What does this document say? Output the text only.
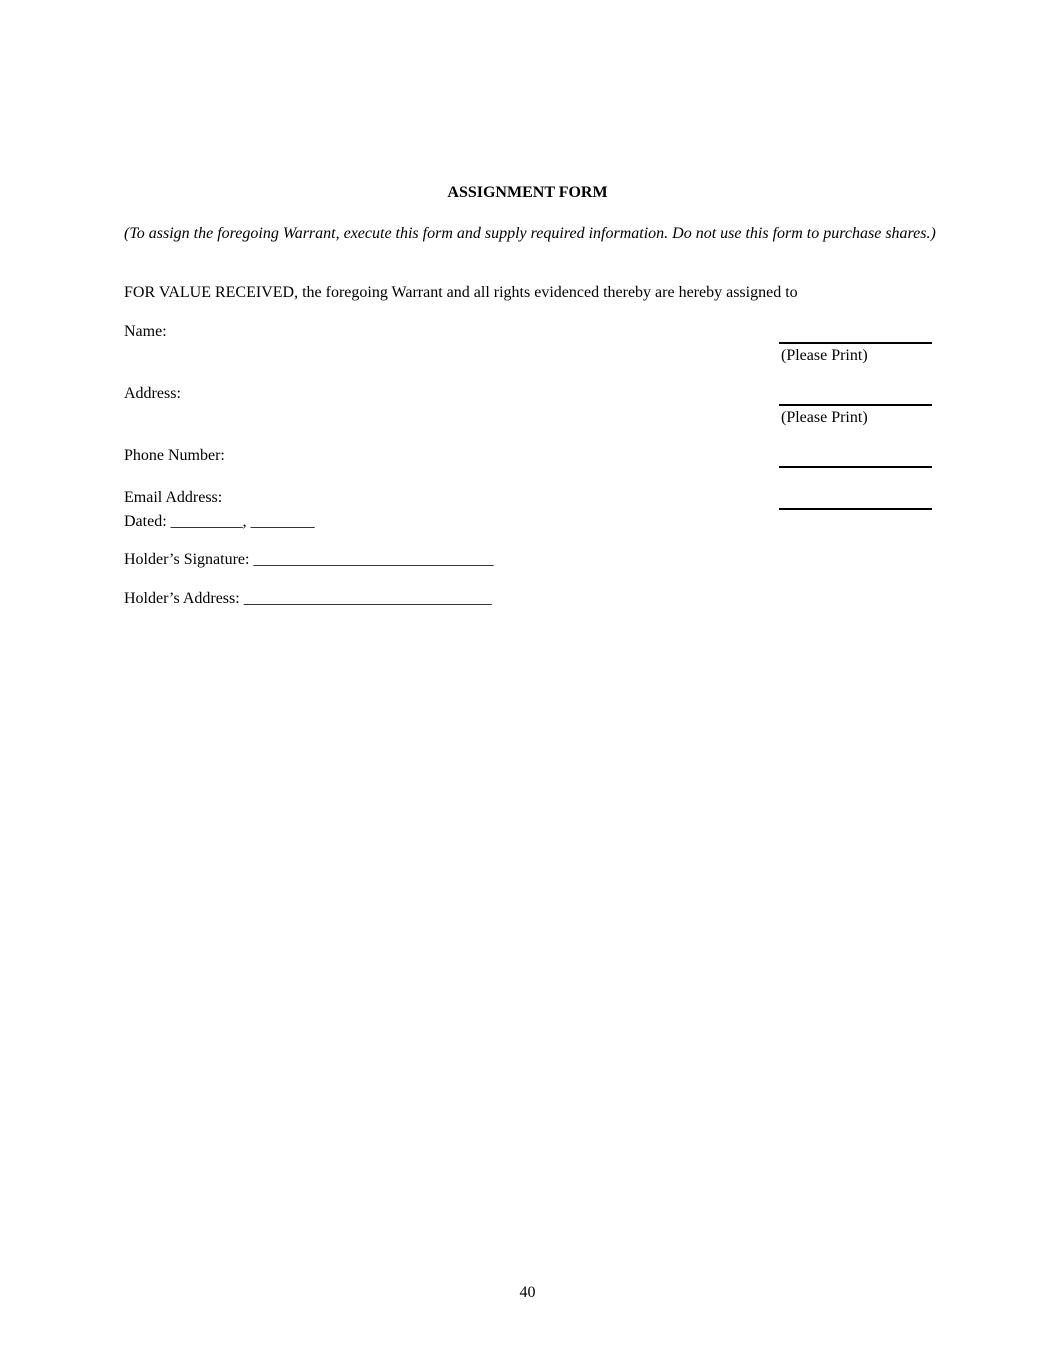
ASSIGNMENT FORM
(To assign the foregoing Warrant, execute this form and supply required information. Do not use this form to purchase shares.)
FOR VALUE RECEIVED, the foregoing Warrant and all rights evidenced thereby are hereby assigned to
Name:
(Please Print)
Address:
(Please Print)
Phone Number:
Email Address:
Dated: _________, ________
Holder’s Signature: ______________________________
Holder’s Address: _______________________________
40
